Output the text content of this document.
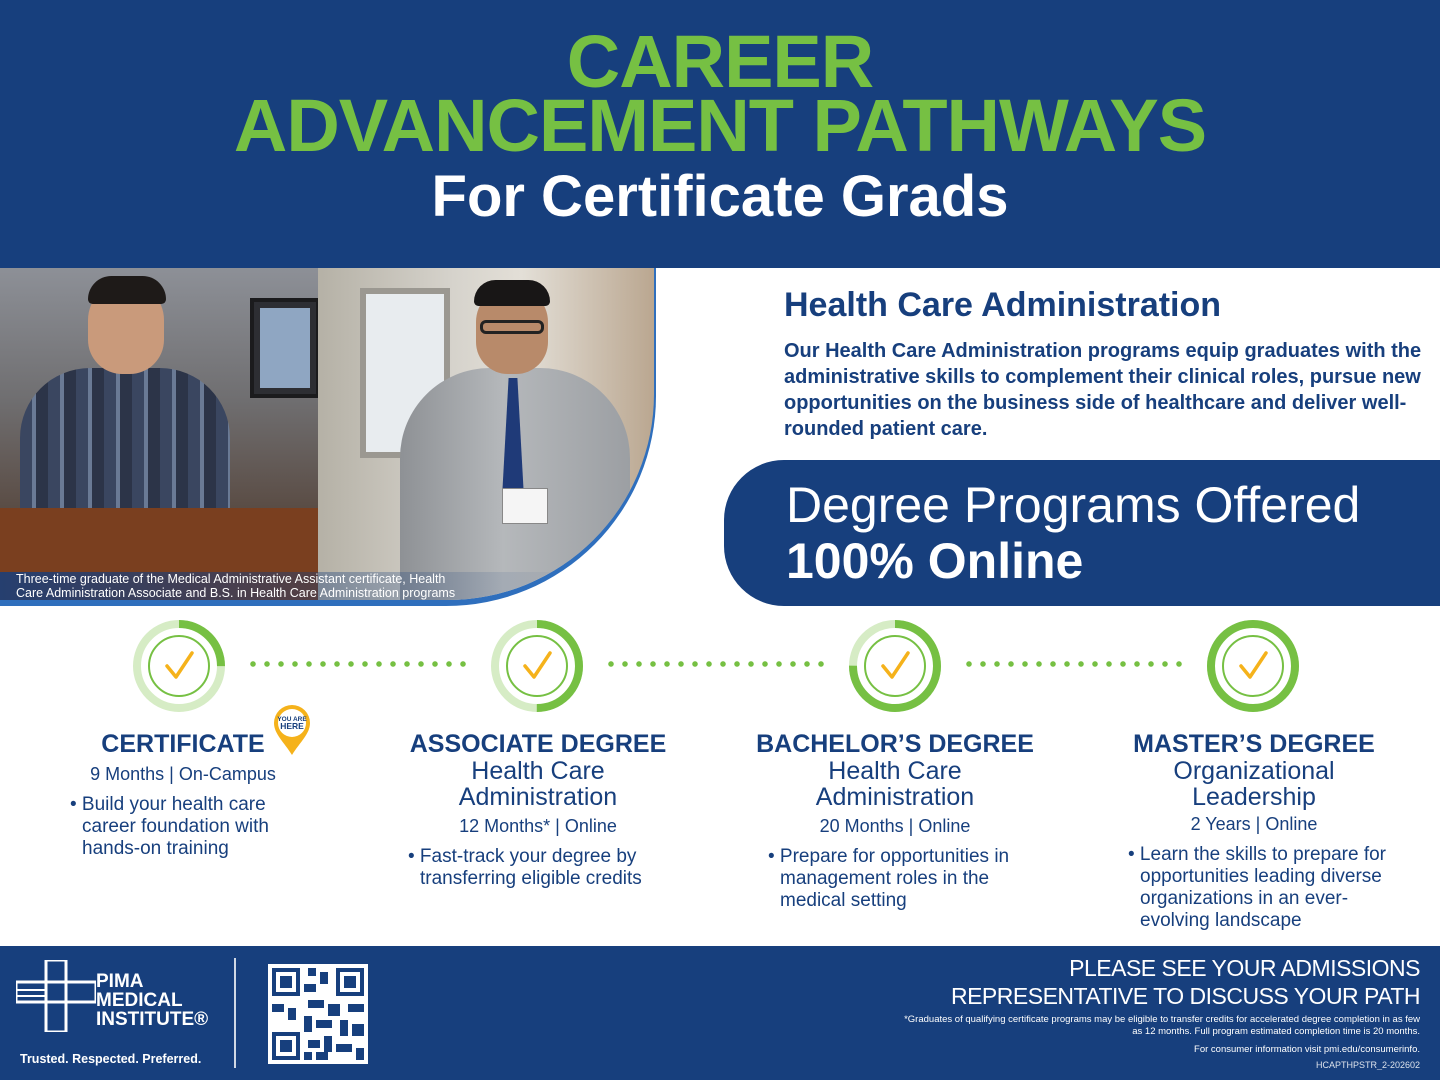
CAREER
ADVANCEMENT PATHWAYS
For Certificate Grads
Three-time graduate of the Medical Administrative Assistant certificate, Health
Care Administration Associate and B.S. in Health Care Administration programs
Health Care Administration
Our Health Care Administration programs equip graduates with the administrative skills to complement their clinical roles, pursue new opportunities on the business side of healthcare and deliver well-rounded patient care.
Degree Programs Offered
100% Online
YOU ARE
HERE
CERTIFICATE
9 Months | On-Campus
• Build your health care career foundation with hands-on training
ASSOCIATE DEGREE
Health Care
Administration
12 Months* | Online
• Fast-track your degree by transferring eligible credits
BACHELOR’S DEGREE
Health Care
Administration
20 Months | Online
• Prepare for opportunities in management roles in the medical setting
MASTER’S DEGREE
Organizational
Leadership
2 Years | Online
• Learn the skills to prepare for opportunities leading diverse organizations in an ever-evolving landscape
PIMA
MEDICAL
INSTITUTE®
Trusted. Respected. Preferred.
PLEASE SEE YOUR ADMISSIONS
REPRESENTATIVE TO DISCUSS YOUR PATH
*Graduates of qualifying certificate programs may be eligible to transfer credits for accelerated degree completion in as few as 12 months. Full program estimated completion time is 20 months.
For consumer information visit pmi.edu/consumerinfo.
HCAPTHPSTR_2-202602
